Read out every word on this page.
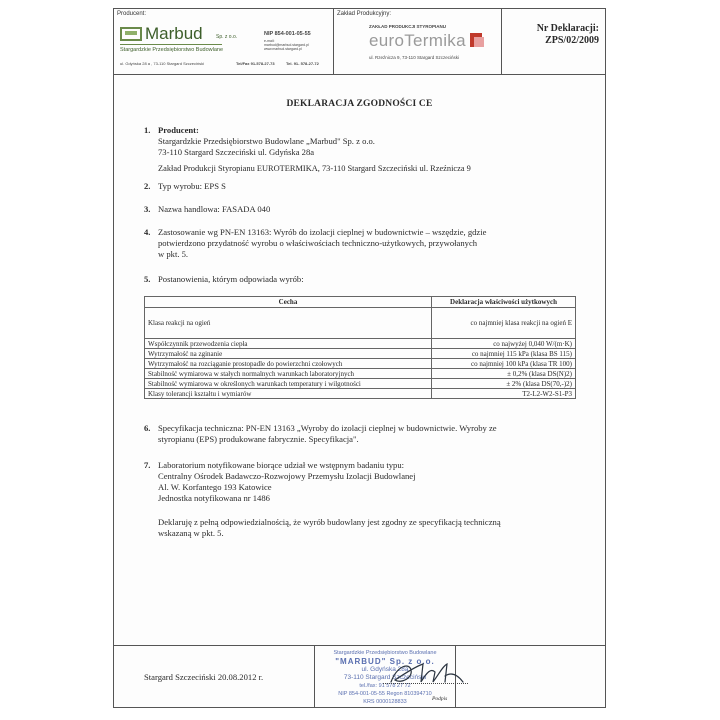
Producent:
Marbud	Sp. z o.o.
Stargardzkie Przedsiębiorstwo Budowlane
NIP 854-001-05-55
e-mail:
marbud@marbud.stargard.pl
www.marbud.stargard.pl
ul. Gdyńska 28 a , 73-110 Stargard Szczeciński	Tel/Fax 91-578-27-73	Tel. 91- 578-27-72
Zakład Produkcyjny:
ZAKŁAD PRODUKCJI STYROPIANU
euroTermika
ul. Rzeźnicza 9, 73-110 Stargard Szczeciński
Nr Deklaracji:
ZPS/02/2009
DEKLARACJA ZGODNOŚCI CE
1. Producent:
Stargardzkie Przedsiębiorstwo Budowlane „Marbud" Sp. z o.o.
73-110 Stargard Szczeciński ul. Gdyńska 28a
Zakład Produkcji Styropianu EUROTERMIKA, 73-110 Stargard Szczeciński ul. Rzeźnicza 9
2. Typ wyrobu: EPS S
3. Nazwa handlowa: FASADA 040
4. Zastosowanie wg PN-EN 13163: Wyrób do izolacji cieplnej w budownictwie – wszędzie, gdzie
potwierdzono przydatność wyrobu o właściwościach techniczno-użytkowych, przywołanych
w pkt. 5.
5. Postanowienia, którym odpowiada wyrób:
Cecha	Deklaracja właściwości użytkowych
Klasa reakcji na ogień	co najmniej klasa reakcji na ogień E
Współczynnik przewodzenia ciepła	co najwyżej 0,040 W/(m·K)
Wytrzymałość na zginanie	co najmniej 115 kPa (klasa BS 115)
Wytrzymałość na rozciąganie prostopadle do powierzchni czołowych	co najmniej 100 kPa (klasa TR 100)
Stabilność wymiarowa w stałych normalnych warunkach laboratoryjnych	± 0,2% (klasa DS(N)2)
Stabilność wymiarowa w określonych warunkach temperatury i wilgotności	± 2% (klasa DS(70,-)2)
Klasy tolerancji kształtu i wymiarów	T2-L2-W2-S1-P3
6. Specyfikacja techniczna: PN-EN 13163 „Wyroby do izolacji cieplnej w budownictwie. Wyroby ze
styropianu (EPS) produkowane fabrycznie. Specyfikacja".
7. Laboratorium notyfikowane biorące udział we wstępnym badaniu typu:
Centralny Ośrodek Badawczo-Rozwojowy Przemysłu Izolacji Budowlanej
Al. W. Korfantego 193 Katowice
Jednostka notyfikowana nr 1486
Deklaruję z pełną odpowiedzialnością, że wyrób budowlany jest zgodny ze specyfikacją techniczną
wskazaną w pkt. 5.
Stargard Szczeciński 20.08.2012 r.
Stargardzkie Przedsiębiorstwo Budowlane
"MARBUD" Sp. z o.o.
ul. Gdyńska 28a
73-110 Stargard Szczeciński
tel./fax: 91 578 27 72
NIP 854-001-05-55 Regon 810394710
KRS 0000128833	Podpis
